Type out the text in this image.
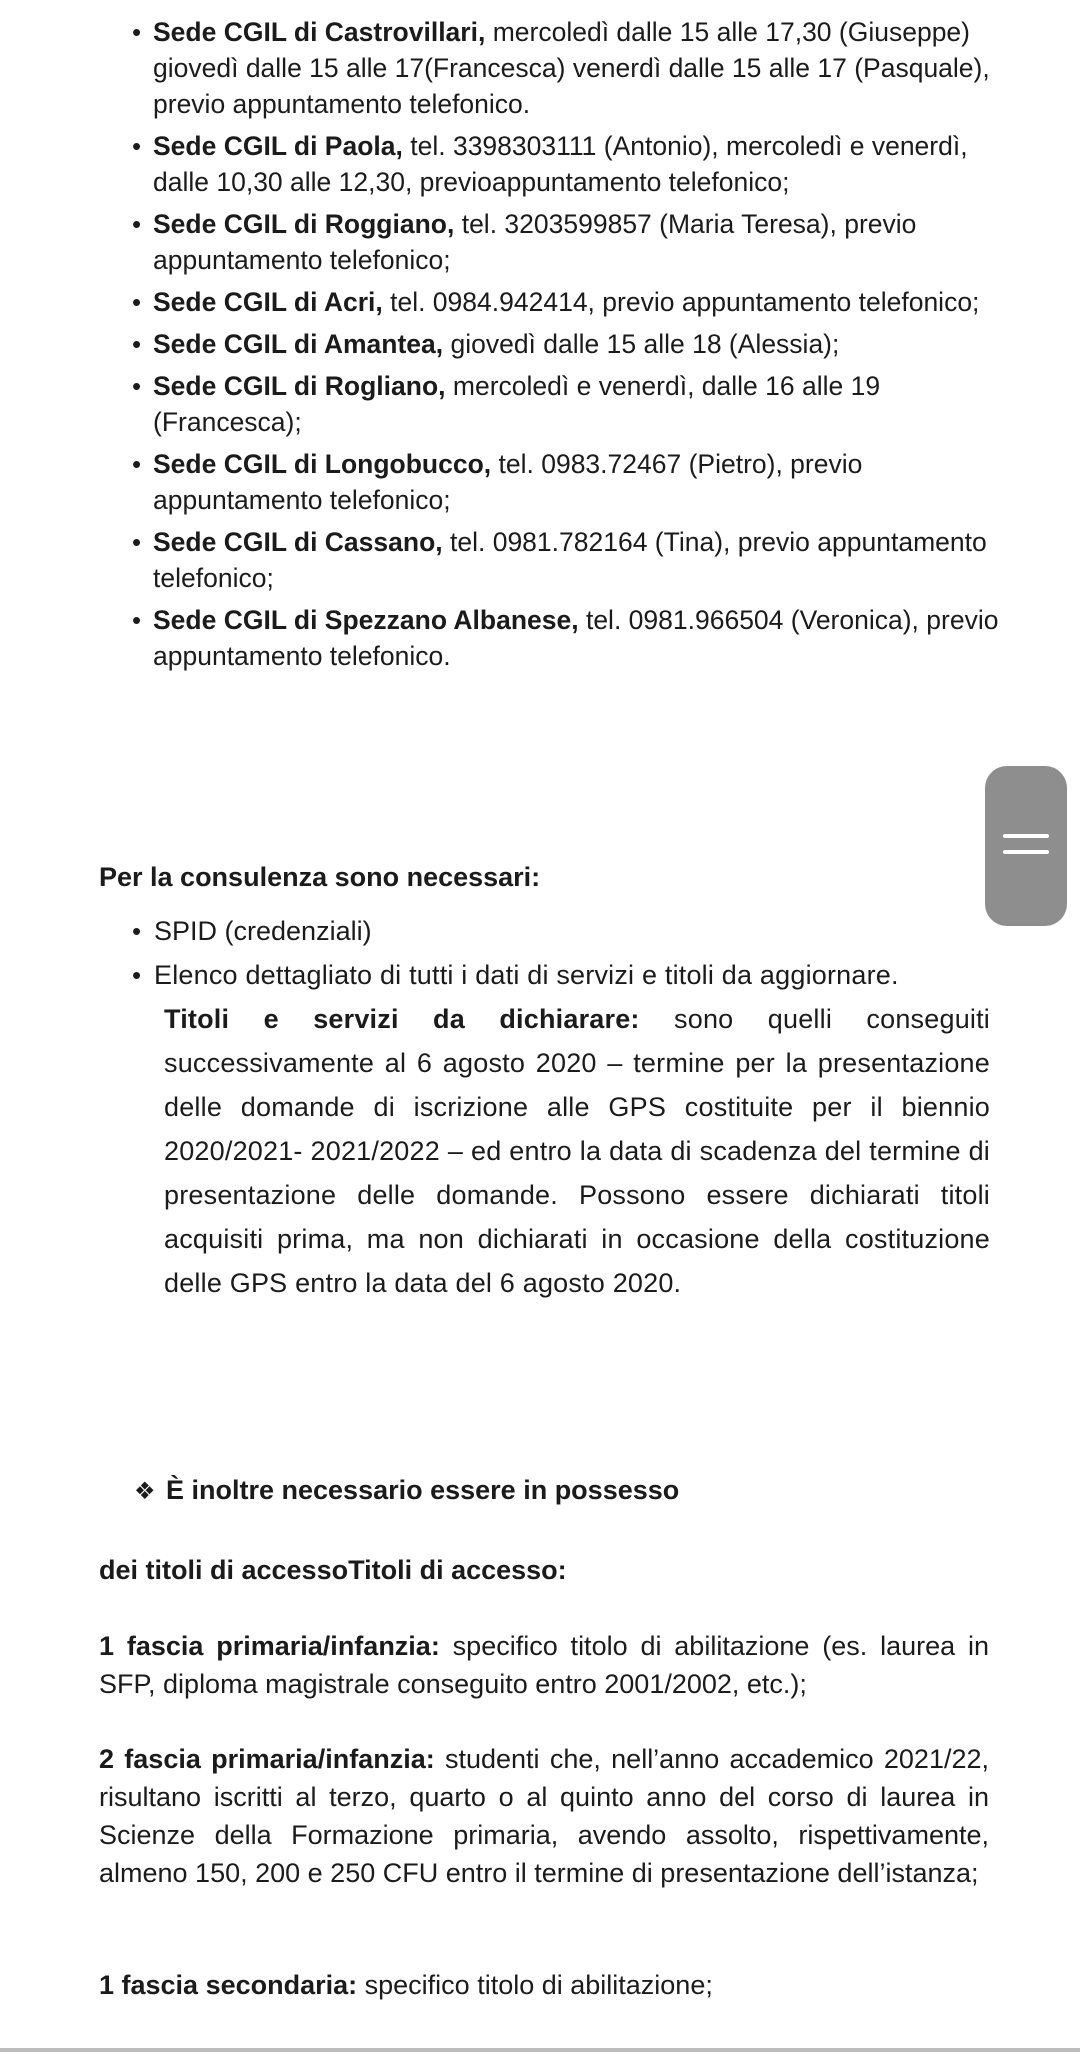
• Sede CGIL di Castrovillari, mercoledì dalle 15 alle 17,30 (Giuseppe) giovedì dalle 15 alle 17(Francesca) venerdì dalle 15 alle 17 (Pasquale), previo appuntamento telefonico.
• Sede CGIL di Paola, tel. 3398303111 (Antonio), mercoledì e venerdì, dalle 10,30 alle 12,30, previoappuntamento telefonico;
• Sede CGIL di Roggiano, tel. 3203599857 (Maria Teresa), previo appuntamento telefonico;
• Sede CGIL di Acri, tel. 0984.942414, previo appuntamento telefonico;
• Sede CGIL di Amantea, giovedì dalle 15 alle 18 (Alessia);
• Sede CGIL di Rogliano, mercoledì e venerdì, dalle 16 alle 19 (Francesca);
• Sede CGIL di Longobucco, tel. 0983.72467 (Pietro), previo appuntamento telefonico;
• Sede CGIL di Cassano, tel. 0981.782164 (Tina), previo appuntamento telefonico;
• Sede CGIL di Spezzano Albanese, tel. 0981.966504 (Veronica), previo appuntamento telefonico.
Per la consulenza sono necessari:
• SPID (credenziali)
• Elenco dettagliato di tutti i dati di servizi e titoli da aggiornare.
Titoli e servizi da dichiarare: sono quelli conseguiti successivamente al 6 agosto 2020 – termine per la presentazione delle domande di iscrizione alle GPS costituite per il biennio 2020/2021- 2021/2022 – ed entro la data di scadenza del termine di presentazione delle domande. Possono essere dichiarati titoli acquisiti prima, ma non dichiarati in occasione della costituzione delle GPS entro la data del 6 agosto 2020.
❖ È inoltre necessario essere in possesso
dei titoli di accessoTitoli di accesso:
1 fascia primaria/infanzia: specifico titolo di abilitazione (es. laurea in SFP, diploma magistrale conseguito entro 2001/2002, etc.);
2 fascia primaria/infanzia: studenti che, nell’anno accademico 2021/22, risultano iscritti al terzo, quarto o al quinto anno del corso di laurea in Scienze della Formazione primaria, avendo assolto, rispettivamente, almeno 150, 200 e 250 CFU entro il termine di presentazione dell’istanza;
1 fascia secondaria: specifico titolo di abilitazione;
